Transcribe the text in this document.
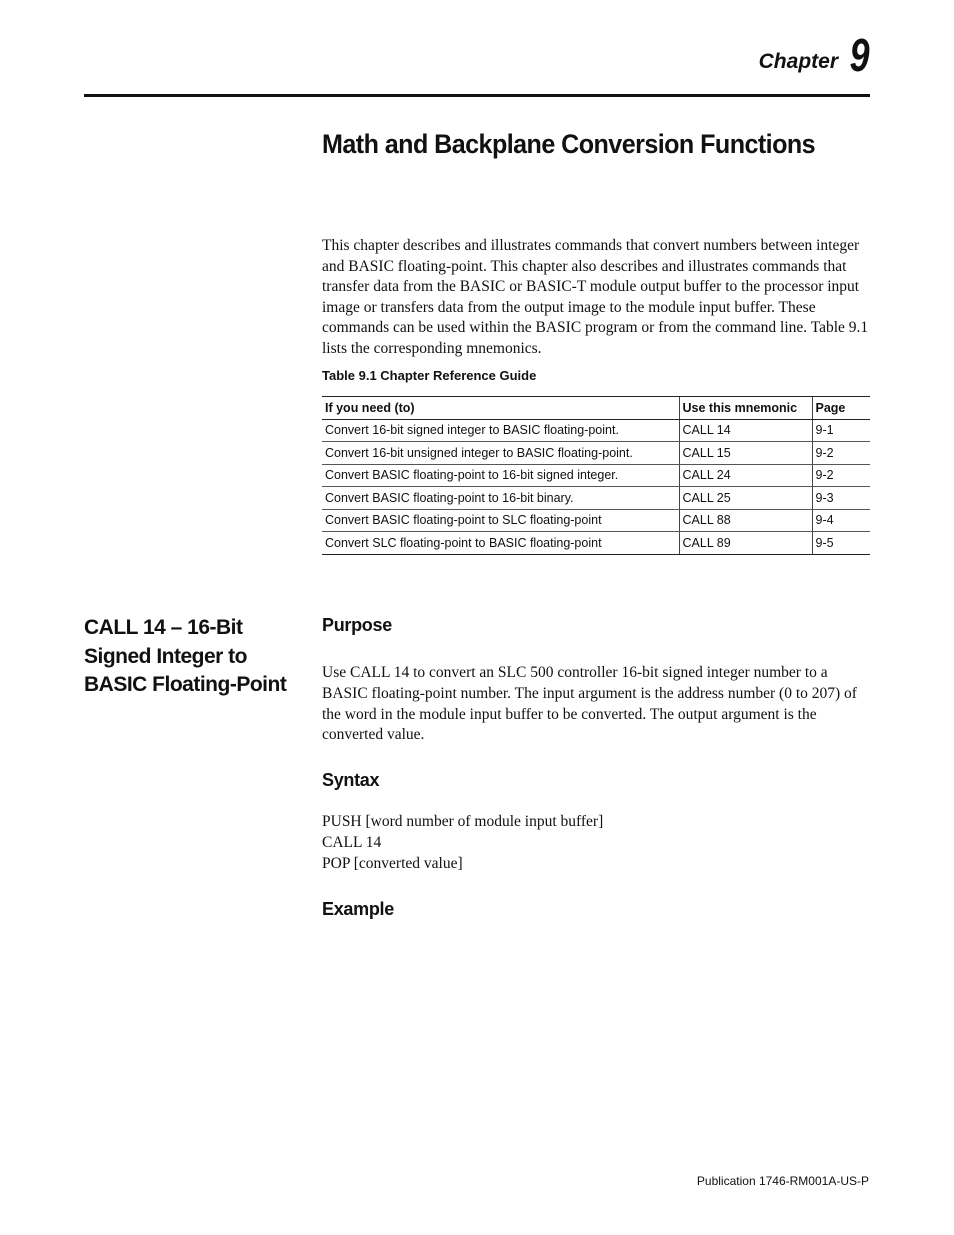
Chapter 9
Math and Backplane Conversion Functions

This chapter describes and illustrates commands that convert numbers between integer and BASIC floating-point. This chapter also describes and illustrates commands that transfer data from the BASIC or BASIC-T module output buffer to the processor input image or transfers data from the output image to the module input buffer. These commands can be used within the BASIC program or from the command line. Table 9.1 lists the corresponding mnemonics.

Table 9.1 Chapter Reference Guide

If you need (to)	Use this mnemonic	Page
Convert 16-bit signed integer to BASIC floating-point.	CALL 14	9-1
Convert 16-bit unsigned integer to BASIC floating-point.	CALL 15	9-2
Convert BASIC floating-point to 16-bit signed integer.	CALL 24	9-2
Convert BASIC floating-point to 16-bit binary.	CALL 25	9-3
Convert BASIC floating-point to SLC floating-point	CALL 88	9-4
Convert SLC floating-point to BASIC floating-point	CALL 89	9-5
CALL 14 – 16-Bit Signed Integer to BASIC Floating-Point
Purpose

Use CALL 14 to convert an SLC 500 controller 16-bit signed integer number to a BASIC floating-point number. The input argument is the address number (0 to 207) of the word in the module input buffer to be converted. The output argument is the converted value.

Syntax
PUSH [word number of module input buffer]
CALL 14
POP [converted value]
Example
Publication 1746-RM001A-US-P
